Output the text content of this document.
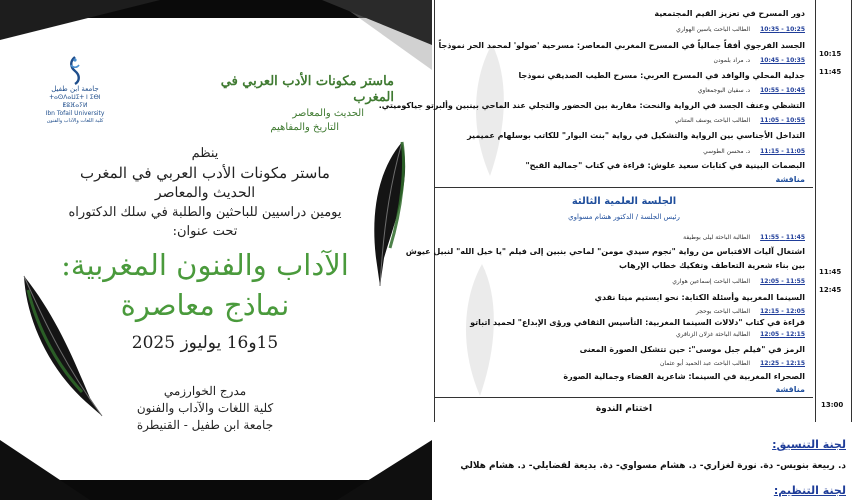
جامعة ابن طفيل
ⵜⴰⵙⴷⴰⵡⵉⵜ ⵏ ⵉⴱⵏ ⵟⵓⴼⴰⵢⵍ
Ibn Tofail University
كلية اللغات والآداب والفنون
ماستر مكونات الأدب العربي في المغرب
الحديث والمعاصر
التاريخ والمفاهيم
ينظم
ماستر مكونات الأدب العربي في المغرب
الحديث والمعاصر
يومين دراسيين للباحثين والطلبة في سلك الدكتوراه
تحت عنوان:
الآداب والفنون المغربية:
نماذج معاصرة
15و16 يوليوز 2025
مدرج الخوارزمي
كلية اللغات والآداب والفنون
جامعة ابن طفيل - القنيطرة
دور المسرح في تعزيز القيم المجتمعية
10:25 - 10:35الطالب الباحث ياسين الهواري
الجسد الفرجوي أفقاً جمالياً في المسرح المغربي المعاصر: مسرحية 'صولو' لمحمد الحر نموذجاً
10:35 - 10:45د. مراد بلمودن
جدلية المحلي والوافد في المسرح العربي: مسرح الطيب الصديقي نموذجا
10:45 - 10:55د. سفيان البوجمعاوي
التشظي وعنف الجسد في الرواية والنحت: مقاربة بين الحضور والتجلي عند الماحي بينبين وألبرتو جياكوميتي.
10:55 - 11:05الطالب الباحث يوسف المتناني
التداخل الأجناسي بين الرواية والتشكيل في رواية "بنت البوار" للكاتب بوسلهام عميمير
11:05 - 11:15د. محسن الطوسي
البصمات البينية في كتابات سعيد علوش: قراءة في كتاب "جمالية القبح"
مناقشة
10:15
11:45
الجلسة العلمية الثالثة
رئيس الجلسة / الدكتور هشام مسواوي
11:45 - 11:55الطالبة الباحثة ليلى بوطيفة
اشتغال آليات الاقتباس من رواية "نجوم سيدي مومن" لماحي بنبين إلى فيلم "يا خيل الله" لنبيل عيوش
بين بناء شعرية التعاطف وتفكيك خطاب الإرهاب
11:55 - 12:05الطالب الباحث إسماعين هواري
السينما المغربية وأسئلة الكتابة: نحو ابستيم ميتا نقدي
12:05 - 12:15الطالب الباحث بوحجر
قراءة في كتاب "دلالات السينما المغربية: التأسيس الثقافي ورؤى الإبداع" لحميد اتباتو
12:15 - 12:05الطالبة الباحثة غزلان الزناقري
الرمز في "فيلم جبل موسى": حين تتشكل الصورة المعنى
12:15 - 12:25الطالب الباحث عبد الحميد أبو عثمان
الصحراء المغربية في السينما: شاعرية الفضاء وجمالية الصورة
مناقشة
11:45
12:45
اختتام الندوة	13:00
لجنة التنسيق:
د. ربيعة بنويس- دة. نورة لغزاري- د. هشام مسواوي- دة. بديعة لفضايلي- د. هشام هلالي
لجنة التنظيم:
